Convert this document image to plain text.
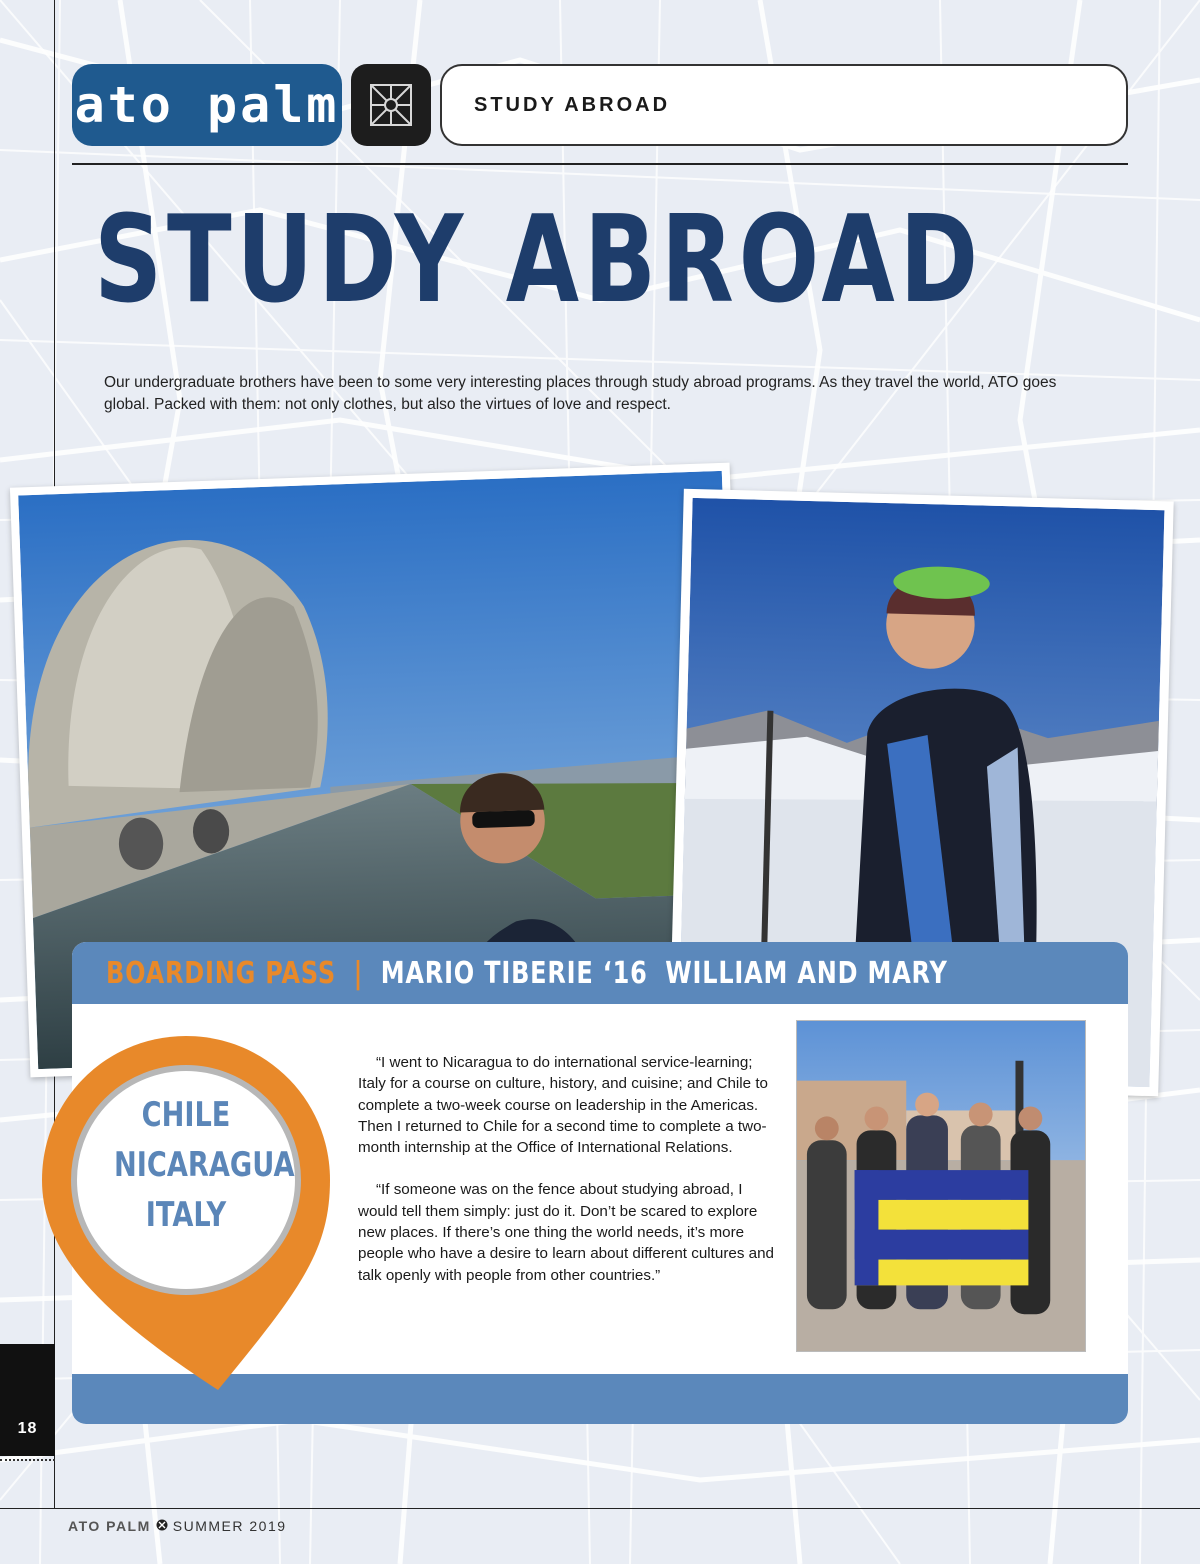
ato palm	STUDY ABROAD
STUDY ABROAD
Our undergraduate brothers have been to some very interesting places through study abroad programs. As they travel the world, ATO goes global. Packed with them: not only clothes, but also the virtues of love and respect.
BOARDING PASS | MARIO TIBERIE ‘16 WILLIAM AND MARY

“I went to Nicaragua to do international service-learning; Italy for a course on culture, history, and cuisine; and Chile to complete a two-week course on leadership in the Americas. Then I returned to Chile for a second time to complete a two-month internship at the Office of International Relations.

“If someone was on the fence about studying abroad, I would tell them simply: just do it. Don’t be scared to explore new places. If there’s one thing the world needs, it’s more people who have a desire to learn about different cultures and talk openly with people from other countries.”

CHILE
NICARAGUA
ITALY
18
ATO PALM SUMMER 2019
